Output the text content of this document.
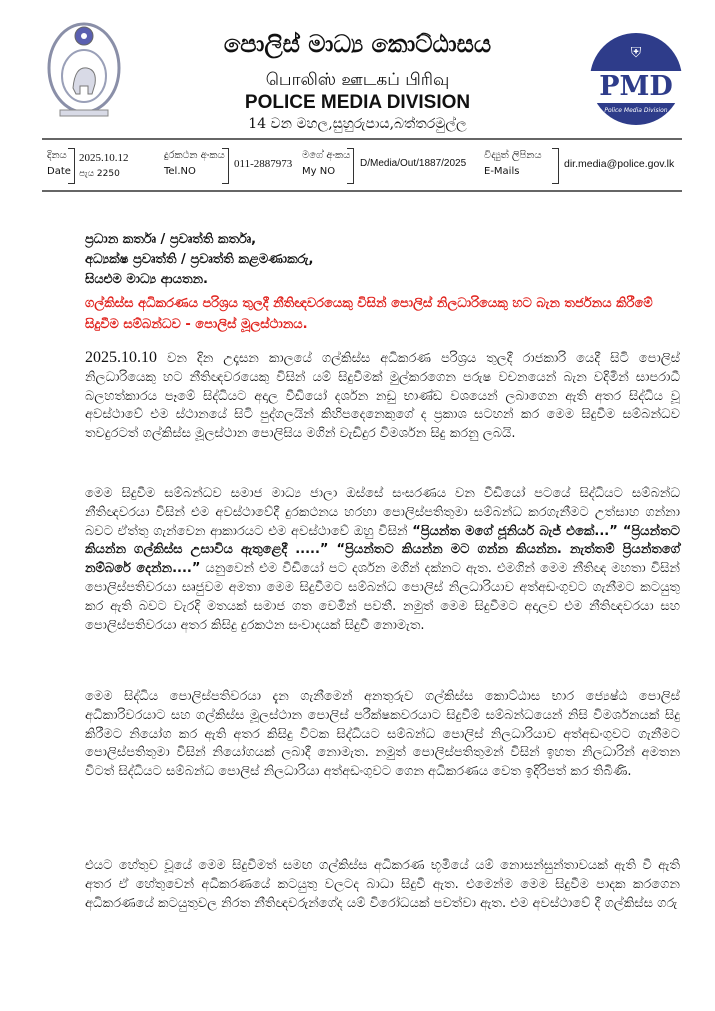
පොලිස් මාධ්‍ය කොට්ඨාසය
பொலிஸ் ஊடகப் பிரிவு
POLICE MEDIA DIVISION
14 වන මහල,සුහුරුපාය,බත්තරමුල්ල
⛨
PMD
Police Media Division
දිනය
Date
2025.10.12
පැය 2250
දුරකථන අංකය
Tel.NO
011-2887973
මගේ අංකය
My NO
D/Media/Out/1887/2025
විද්‍යුත් ලිපිනය
E-Mails
dir.media@police.gov.lk
ප්‍රධාන කර්තෘ / ප්‍රවෘත්ති කර්තෘ,
අධ්‍යක්ෂ ප්‍රවෘත්ති / ප්‍රවෘත්ති කළමණාකරු,
සියළුම මාධ්‍ය ආයතන.
ගල්කිස්ස අධිකරණය පරිශ්‍රය තුලදී නීතිඥවරයෙකු විසින් පොලිස් නිලධාරියෙකු හට බැන තර්ජනය කිරීමේ සිදුවීම සම්බන්ධව - පොලිස් මූලස්ථානය.
2025.10.10 වන දින උදෑසන කාලයේ ගල්කිස්ස අධිකරණ පරිශ්‍රය තුලදී රාජකාරි යෙදී සිටි පොලිස් නිලධාරියෙකු හට නීතිඥවරයෙකු විසින් යම් සිදුවීමක් මුල්කරගෙන පරුෂ වචනයෙන් බැන වදිමින් සාපරාධී බලහත්කාරය පෑමේ සිද්ධියට අදාල වීඩියෝ දර්ශන නඩු භාණ්ඩ වශයෙන් ලබාගෙන ඇති අතර සිද්ධිය වූ අවස්ථාවේ එම ස්ථානයේ සිටි පුද්ගලයින් කිහිපදෙනෙකුගේ ද ප්‍රකාශ සටහන් කර මෙම සිදුවීම සම්බන්ධව තවදුරටත් ගල්කිස්ස මූලස්ථාන පොලිසිය මගින් වැඩිදුර විමර්ශන සිදු කරනු ලබයි.
මෙම සිදුවීම සම්බන්ධව සමාජ මාධ්‍ය ජාලා ඔස්සේ සංසරණය වන වීඩියෝ පටයේ සිද්ධියට සම්බන්ධ නීතිඥවරයා විසින් එම අවස්ථාවේදී දුරකථනය හරහා පොලිස්පතිතුමා සම්බන්ධ කරගැනීමට උත්සාහ ගන්නා බවට ඒත්තු ගැන්වෙන ආකාරයට එම අවස්ථාවේ ඔහු විසින් “ප්‍රියන්ත මගේ ජූනියර් බැජ් එකේ...” “ප්‍රියන්තට කියන්න ගල්කිස්ස උසාවිය ඇතුළෙදී .....” “ප්‍රියන්තට කියන්න මට ගන්න කියන්න. නැත්තම් ප්‍රියන්තගේ නම්බරේ දෙන්න....” යනුවෙන් එම වීඩියෝ පට දර්ශන මගින් දක්නට ඇත. එමගින් මෙම නීතිඥ මහතා විසින් පොලිස්පතිවරයා සෘජුවම අමතා මෙම සිදුවීමට සම්බන්ධ පොලිස් නිලධාරියාව අත්අඩංගුවට ගැනීමට කටයුතු කර ඇති බවට වැරදි මතයක් සමාජ ගත වෙමින් පවතී. නමුත් මෙම සිදුවීමට අදාලව එම නීතිඥවරයා සහ පොලිස්පතිවරයා අතර කිසිදු දුරකථන සංවාදයක් සිදුවී නොමැත.
මෙම සිද්ධිය පොලිස්පතිවරයා දැන ගැනීමෙන් අනතුරුව ගල්කිස්ස කොට්ඨාස භාර ජ්‍යෙෂ්ඨ පොලිස් අධිකාරිවරයාට සහ ගල්කිස්ස මූලස්ථාන පොලිස් පරීක්ෂකවරයාට සිදුවීම් සම්බන්ධයෙන් නිසි විමර්ශනයක් සිදු කිරීමට නියෝග කර ඇති අතර කිසිදු විටක සිද්ධියට සම්බන්ධ පොලිස් නිලධාරියාව අත්අඩංගුවට ගැනීමට පොලිස්පතිතුමා විසින් නියෝගයක් ලබාදී නොමැත. නමුත් පොලිස්පතිතුමන් විසින් ඉහත නිලධාරින් අමතන විටත් සිද්ධියට සම්බන්ධ පොලිස් නිලධාරියා අත්අඩංගුවට ගෙන අධිකරණය වෙත ඉදිරිපත් කර තිබිණි.
එයට හේතුව වූයේ මෙම සිදුවීමත් සමඟ ගල්කිස්ස අධිකරණ භූමියේ යම් නොසන්සුන්තාවයක් ඇති වී ඇති අතර ඒ හේතුවෙන් අධිකරණයේ කටයුතු වලටද බාධා සිදුවී ඇත. එමෙන්ම මෙම සිදුවීම පාදක කරගෙන අධිකරණයේ කටයුතුවල නිරත නීතිඥවරුන්ගේද යම් විරෝධයක් පවත්වා ඇත. එම අවස්ථාවේ දී ගල්කිස්ස ගරු
